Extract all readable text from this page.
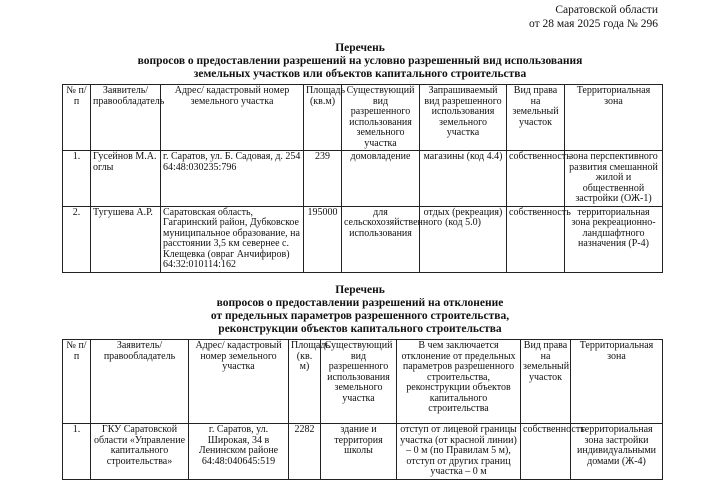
Саратовской области
от 28 мая 2025 года № 296
Перечень
вопросов о предоставлении разрешений на условно разрешенный вид использования
земельных участков или объектов капитального строительства
№ п/п	Заявитель/ правообладатель	Адрес/ кадастровый номер земельного участка	Площадь (кв.м)	Существующий вид разрешенного использования земельного участка	Запрашиваемый вид разрешенного использования земельного участка	Вид права на земельный участок	Территориальная зона
1.	Гусейнов М.А. оглы	г. Саратов, ул. Б. Садовая, д. 254 64:48:030235:796	239	домовладение	магазины (код 4.4)	собственность	зона перспективного развития смешанной жилой и общественной застройки (ОЖ-1)
2.	Тугушева А.Р.	Саратовская область, Гагаринский район, Дубковское муниципальное образование, на расстоянии 3,5 км севернее с. Клещевка (овраг Анчифиров) 64:32:010114:162	195000	для сельскохозяйственного использования	отдых (рекреация) (код 5.0)	собственность	территориальная зона рекреационно-ландшафтного назначения (Р-4)
Перечень
вопросов о предоставлении разрешений на отклонение
от предельных параметров разрешенного строительства,
реконструкции объектов капитального строительства
№ п/п	Заявитель/ правообладатель	Адрес/ кадастровый номер земельного участка	Площадь (кв. м)	Существующий вид разрешенного использования земельного участка	В чем заключается отклонение от предельных параметров разрешенного строительства, реконструкции объектов капитального строительства	Вид права на земельный участок	Территориальная зона
1.	ГКУ Саратовской области «Управление капитального строительства»	г. Саратов, ул. Широкая, 34 в Ленинском районе 64:48:040645:519	2282	здание и территория школы	отступ от лицевой границы участка (от красной линии) – 0 м (по Правилам 5 м), отступ от других границ участка – 0 м	собственность	территориальная зона застройки индивидуальными домами (Ж-4)
